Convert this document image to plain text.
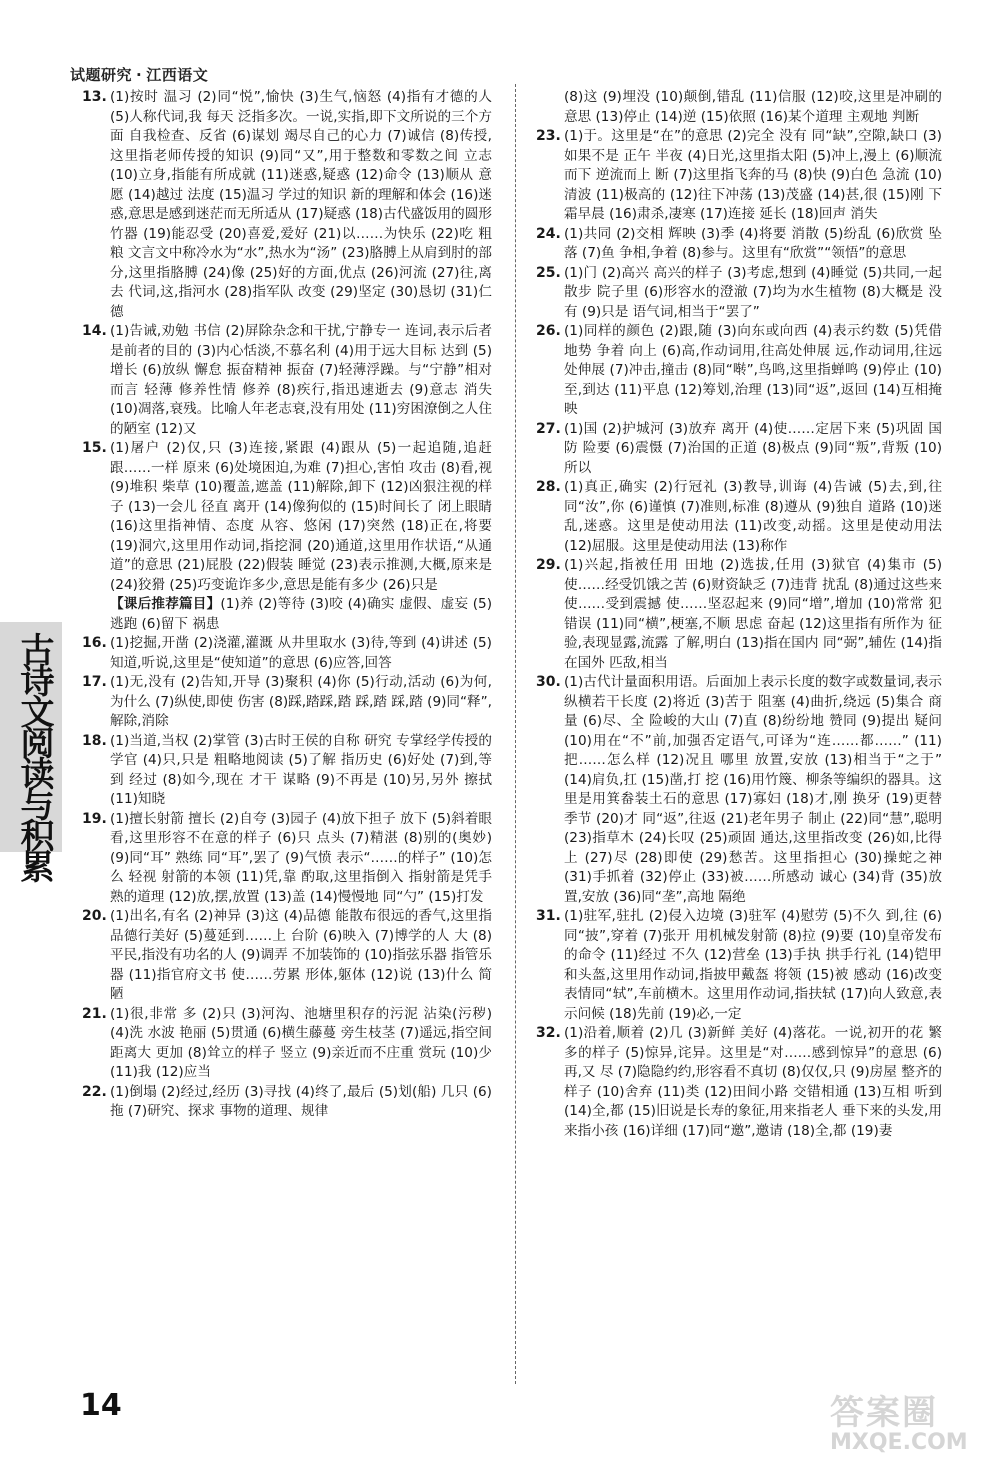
试题研究 · 江西语文
古诗文阅读与积累
13. (1)按时 温习 (2)同“悦”,愉快 (3)生气,恼怒 (4)指有才德的人 (5)人称代词,我 每天 泛指多次。一说,实指,即下文所说的三个方面 自我检查、反省 (6)谋划 竭尽自己的心力 (7)诚信 (8)传授,这里指老师传授的知识 (9)同“又”,用于整数和零数之间 立志 (10)立身,指能有所成就 (11)迷惑,疑惑 (12)命令 (13)顺从 意愿 (14)越过 法度 (15)温习 学过的知识 新的理解和体会 (16)迷惑,意思是感到迷茫而无所适从 (17)疑惑 (18)古代盛饭用的圆形竹器 (19)能忍受 (20)喜爱,爱好 (21)以……为快乐 (22)吃 粗粮 文言文中称冷水为“水”,热水为“汤” (23)胳膊上从肩到肘的部分,这里指胳膊 (24)像 (25)好的方面,优点 (26)河流 (27)往,离去 代词,这,指河水 (28)指军队 改变 (29)坚定 (30)恳切 (31)仁德
14. (1)告诫,劝勉 书信 (2)屏除杂念和干扰,宁静专一 连词,表示后者是前者的目的 (3)内心恬淡,不慕名利 (4)用于远大目标 达到 (5)增长 (6)放纵 懈怠 振奋精神 振奋 (7)轻薄浮躁。与“宁静”相对而言 轻薄 修养性情 修养 (8)疾行,指迅速逝去 (9)意志 消失 (10)凋落,衰残。比喻人年老志衰,没有用处 (11)穷困潦倒之人住的陋室 (12)又
15. (1)屠户 (2)仅,只 (3)连接,紧跟 (4)跟从 (5)一起追随,追赶 跟……一样 原来 (6)处境困迫,为难 (7)担心,害怕 攻击 (8)看,视 (9)堆积 柴草 (10)覆盖,遮盖 (11)解除,卸下 (12)凶狠注视的样子 (13)一会儿 径直 离开 (14)像狗似的 (15)时间长了 闭上眼睛 (16)这里指神情、态度 从容、悠闲 (17)突然 (18)正在,将要 (19)洞穴,这里用作动词,指挖洞 (20)通道,这里用作状语,“从通道”的意思 (21)屁股 (22)假装 睡觉 (23)表示推测,大概,原来是 (24)狡猾 (25)巧变诡诈多少,意思是能有多少 (26)只是
【课后推荐篇目】(1)养 (2)等待 (3)咬 (4)确实 虚假、虚妄 (5)逃跑 (6)留下 祸患
16. (1)挖掘,开凿 (2)浇灌,灌溉 从井里取水 (3)待,等到 (4)讲述 (5)知道,听说,这里是“使知道”的意思 (6)应答,回答
17. (1)无,没有 (2)告知,开导 (3)聚积 (4)你 (5)行动,活动 (6)为何,为什么 (7)纵使,即使 伤害 (8)踩,踏踩,踏 踩,踏 踩,踏 (9)同“释”,解除,消除
18. (1)当道,当权 (2)掌管 (3)古时王侯的自称 研究 专掌经学传授的学官 (4)只,只是 粗略地阅读 (5)了解 指历史 (6)好处 (7)到,等到 经过 (8)如今,现在 才干 谋略 (9)不再是 (10)另,另外 擦拭 (11)知晓
19. (1)擅长射箭 擅长 (2)自夸 (3)园子 (4)放下担子 放下 (5)斜着眼看,这里形容不在意的样子 (6)只 点头 (7)精湛 (8)别的(奥妙) (9)同“耳” 熟练 同“耳”,罢了 (9)气愤 表示“……的样子” (10)怎么 轻视 射箭的本领 (11)凭,靠 酌取,这里指倒入 指射箭是凭手熟的道理 (12)放,摆,放置 (13)盖 (14)慢慢地 同“勺” (15)打发
20. (1)出名,有名 (2)神异 (3)这 (4)品德 能散布很远的香气,这里指品德行美好 (5)蔓延到……上 台阶 (6)映入 (7)博学的人 大 (8)平民,指没有功名的人 (9)调弄 不加装饰的 (10)指弦乐器 指管乐器 (11)指官府文书 使……劳累 形体,躯体 (12)说 (13)什么 简陋
21. (1)很,非常 多 (2)只 (3)河沟、池塘里积存的污泥 沾染(污秽) (4)洗 水波 艳丽 (5)贯通 (6)横生藤蔓 旁生枝茎 (7)遥远,指空间距离大 更加 (8)耸立的样子 竖立 (9)亲近而不庄重 赏玩 (10)少 (11)我 (12)应当
22. (1)倒塌 (2)经过,经历 (3)寻找 (4)终了,最后 (5)划(船) 几只 (6)拖 (7)研究、探求 事物的道理、规律
(8)这 (9)埋没 (10)颠倒,错乱 (11)信服 (12)咬,这里是冲刷的意思 (13)停止 (14)逆 (15)依照 (16)某个道理 主观地 判断
23. (1)于。这里是“在”的意思 (2)完全 没有 同“缺”,空隙,缺口 (3)如果不是 正午 半夜 (4)日光,这里指太阳 (5)冲上,漫上 (6)顺流而下 逆流而上 断 (7)这里指飞奔的马 (8)快 (9)白色 急流 (10)清波 (11)极高的 (12)往下冲荡 (13)茂盛 (14)甚,很 (15)刚 下霜早晨 (16)肃杀,凄寒 (17)连接 延长 (18)回声 消失
24. (1)共同 (2)交相 辉映 (3)季 (4)将要 消散 (5)纷乱 (6)欣赏 坠落 (7)鱼 争相,争着 (8)参与。这里有“欣赏”“领悟”的意思
25. (1)门 (2)高兴 高兴的样子 (3)考虑,想到 (4)睡觉 (5)共同,一起 散步 院子里 (6)形容水的澄澈 (7)均为水生植物 (8)大概是 没有 (9)只是 语气词,相当于“罢了”
26. (1)同样的颜色 (2)跟,随 (3)向东或向西 (4)表示约数 (5)凭借 地势 争着 向上 (6)高,作动词用,往高处伸展 远,作动词用,往远处伸展 (7)冲击,撞击 (8)同“啭”,鸟鸣,这里指蝉鸣 (9)停止 (10)至,到达 (11)平息 (12)筹划,治理 (13)同“返”,返回 (14)互相掩映
27. (1)国 (2)护城河 (3)放弃 离开 (4)使……定居下来 (5)巩固 国防 险要 (6)震慑 (7)治国的正道 (8)极点 (9)同“叛”,背叛 (10)所以
28. (1)真正,确实 (2)行冠礼 (3)教导,训诲 (4)告诫 (5)去,到,往 同“汝”,你 (6)谨慎 (7)准则,标准 (8)遵从 (9)独自 道路 (10)迷乱,迷惑。这里是使动用法 (11)改变,动摇。这里是使动用法 (12)屈服。这里是使动用法 (13)称作
29. (1)兴起,指被任用 田地 (2)选拔,任用 (3)狱官 (4)集市 (5)使……经受饥饿之苦 (6)财资缺乏 (7)违背 扰乱 (8)通过这些来 使……受到震撼 使……坚忍起来 (9)同“增”,增加 (10)常常 犯错误 (11)同“横”,梗塞,不顺 思虑 奋起 (12)这里指有所作为 征验,表现显露,流露 了解,明白 (13)指在国内 同“弼”,辅佐 (14)指在国外 匹敌,相当
30. (1)古代计量面积用语。后面加上表示长度的数字或数量词,表示纵横若干长度 (2)将近 (3)苦于 阻塞 (4)曲折,绕远 (5)集合 商量 (6)尽、全 险峻的大山 (7)直 (8)纷纷地 赞同 (9)提出 疑问 (10)用在“不”前,加强否定语气,可译为“连……都……” (11)把……怎么样 (12)况且 哪里 放置,安放 (13)相当于“之于” (14)肩负,扛 (15)凿,打 挖 (16)用竹篾、柳条等编织的器具。这里是用箕畚装土石的意思 (17)寡妇 (18)才,刚 换牙 (19)更替 季节 (20)才 同“返”,往返 (21)老年男子 制止 (22)同“慧”,聪明 (23)指草木 (24)长叹 (25)顽固 通达,这里指改变 (26)如,比得上 (27)尽 (28)即使 (29)愁苦。这里指担心 (30)操蛇之神 (31)手抓着 (32)停止 (33)被……所感动 诚心 (34)背 (35)放置,安放 (36)同“垄”,高地 隔绝
31. (1)驻军,驻扎 (2)侵入边境 (3)驻军 (4)慰劳 (5)不久 到,往 (6)同“披”,穿着 (7)张开 用机械发射箭 (8)拉 (9)要 (10)皇帝发布的命令 (11)经过 不久 (12)营垒 (13)手执 拱手行礼 (14)铠甲和头盔,这里用作动词,指披甲戴盔 将领 (15)被 感动 (16)改变 表情同“轼”,车前横木。这里用作动词,指扶轼 (17)向人致意,表示问候 (18)先前 (19)必,一定
32. (1)沿着,顺着 (2)几 (3)新鲜 美好 (4)落花。一说,初开的花 繁多的样子 (5)惊异,诧异。这里是“对……感到惊异”的意思 (6)再,又 尽 (7)隐隐约约,形容看不真切 (8)仅仅,只 (9)房屋 整齐的样子 (10)舍弃 (11)类 (12)田间小路 交错相通 (13)互相 听到 (14)全,都 (15)旧说是长寿的象征,用来指老人 垂下来的头发,用来指小孩 (16)详细 (17)同“邀”,邀请 (18)全,都 (19)妻
14	答案圈
MXQE.COM
